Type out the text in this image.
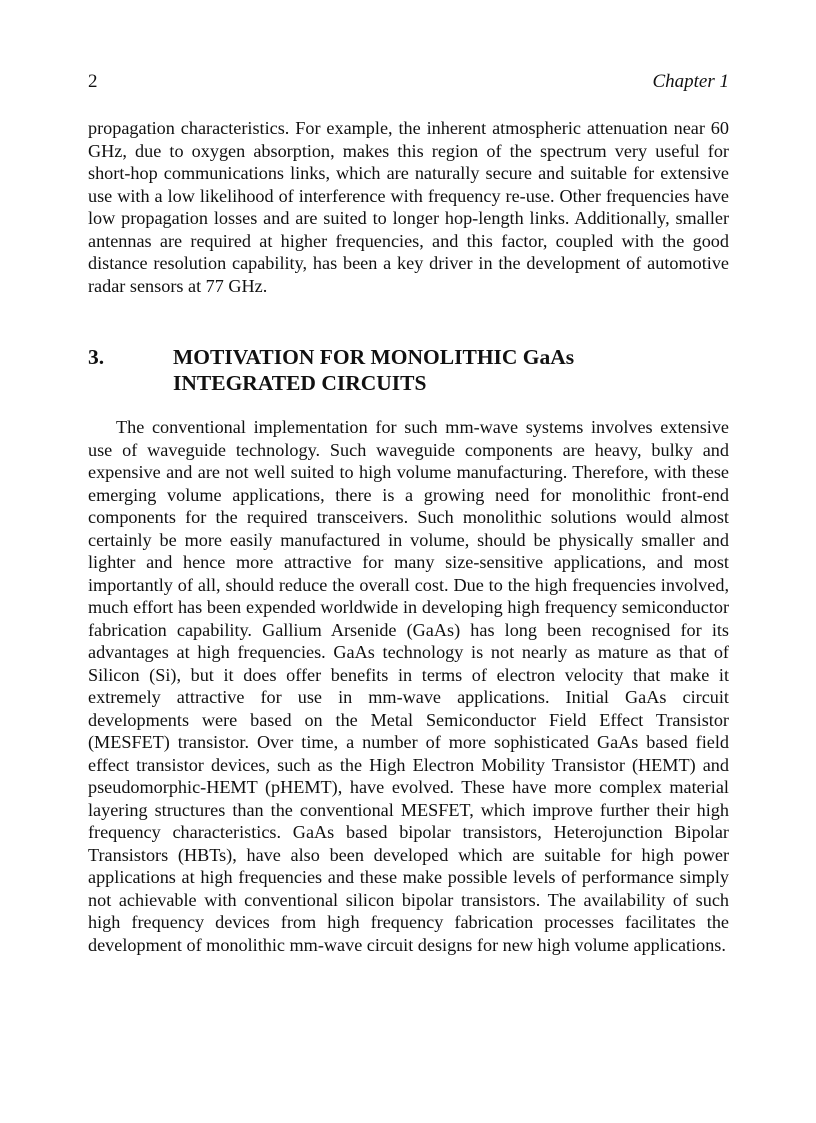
2	Chapter 1

propagation characteristics. For example, the inherent atmospheric attenuation near 60 GHz, due to oxygen absorption, makes this region of the spectrum very useful for short-hop communications links, which are naturally secure and suitable for extensive use with a low likelihood of interference with frequency re-use. Other frequencies have low propagation losses and are suited to longer hop-length links. Additionally, smaller antennas are required at higher frequencies, and this factor, coupled with the good distance resolution capability, has been a key driver in the development of automotive radar sensors at 77 GHz.

3.	MOTIVATION FOR MONOLITHIC GaAs
INTEGRATED CIRCUITS

The conventional implementation for such mm-wave systems involves extensive use of waveguide technology. Such waveguide components are heavy, bulky and expensive and are not well suited to high volume manufacturing. Therefore, with these emerging volume applications, there is a growing need for monolithic front-end components for the required transceivers. Such monolithic solutions would almost certainly be more easily manufactured in volume, should be physically smaller and lighter and hence more attractive for many size-sensitive applications, and most importantly of all, should reduce the overall cost. Due to the high frequencies involved, much effort has been expended worldwide in developing high frequency semiconductor fabrication capability. Gallium Arsenide (GaAs) has long been recognised for its advantages at high frequencies. GaAs technology is not nearly as mature as that of Silicon (Si), but it does offer benefits in terms of electron velocity that make it extremely attractive for use in mm-wave applications. Initial GaAs circuit developments were based on the Metal Semiconductor Field Effect Transistor (MESFET) transistor. Over time, a number of more sophisticated GaAs based field effect transistor devices, such as the High Electron Mobility Transistor (HEMT) and pseudomorphic-HEMT (pHEMT), have evolved. These have more complex material layering structures than the conventional MESFET, which improve further their high frequency characteristics. GaAs based bipolar transistors, Heterojunction Bipolar Transistors (HBTs), have also been developed which are suitable for high power applications at high frequencies and these make possible levels of performance simply not achievable with conventional silicon bipolar transistors. The availability of such high frequency devices from high frequency fabrication processes facilitates the development of monolithic mm-wave circuit designs for new high volume applications.
